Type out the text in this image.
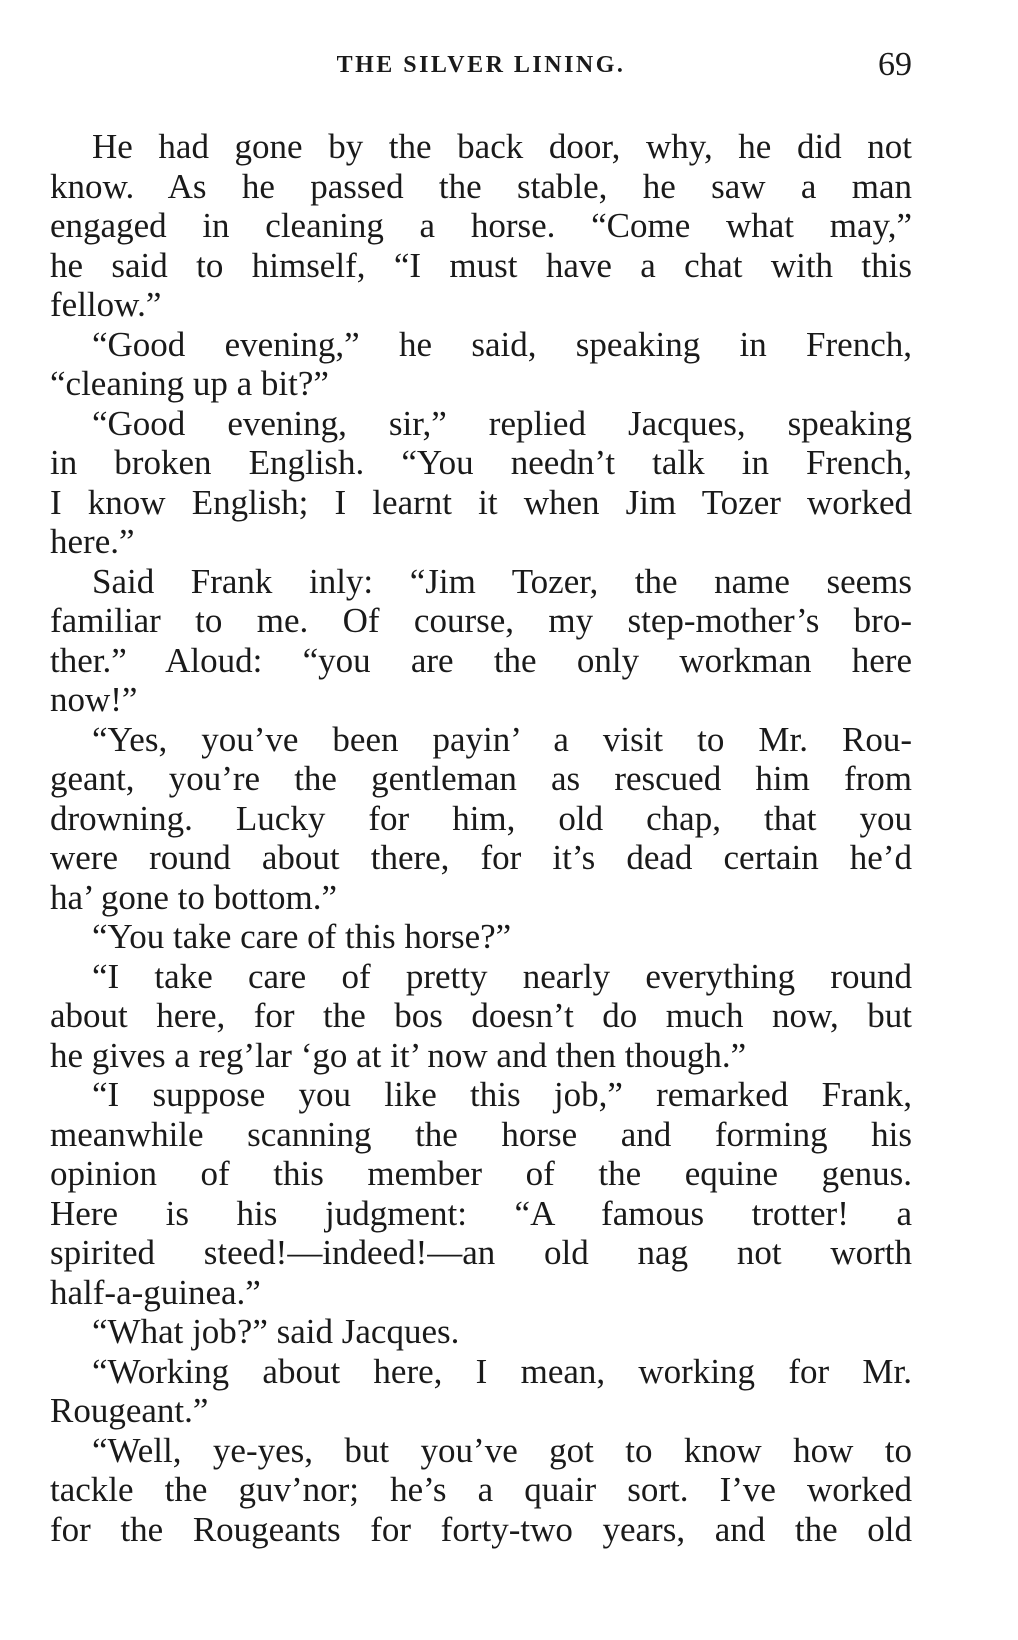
THE SILVER LINING.	69
He had gone by the back door, why, he did not
know. As he passed the stable, he saw a man
engaged in cleaning a horse. “Come what may,”
he said to himself, “I must have a chat with this
fellow.”
“Good evening,” he said, speaking in French,
“cleaning up a bit?”
“Good evening, sir,” replied Jacques, speaking
in broken English. “You needn’t talk in French,
I know English; I learnt it when Jim Tozer worked
here.”
Said Frank inly: “Jim Tozer, the name seems
familiar to me. Of course, my step-mother’s bro-
ther.” Aloud: “you are the only workman here
now!”
“Yes, you’ve been payin’ a visit to Mr. Rou-
geant, you’re the gentleman as rescued him from
drowning. Lucky for him, old chap, that you
were round about there, for it’s dead certain he’d
ha’ gone to bottom.”
“You take care of this horse?”
“I take care of pretty nearly everything round
about here, for the bos doesn’t do much now, but
he gives a reg’lar ‘go at it’ now and then though.”
“I suppose you like this job,” remarked Frank,
meanwhile scanning the horse and forming his
opinion of this member of the equine genus.
Here is his judgment: “A famous trotter! a
spirited steed!—indeed!—an old nag not worth
half-a-guinea.”
“What job?” said Jacques.
“Working about here, I mean, working for Mr.
Rougeant.”
“Well, ye-yes, but you’ve got to know how to
tackle the guv’nor; he’s a quair sort. I’ve worked
for the Rougeants for forty-two years, and the old
